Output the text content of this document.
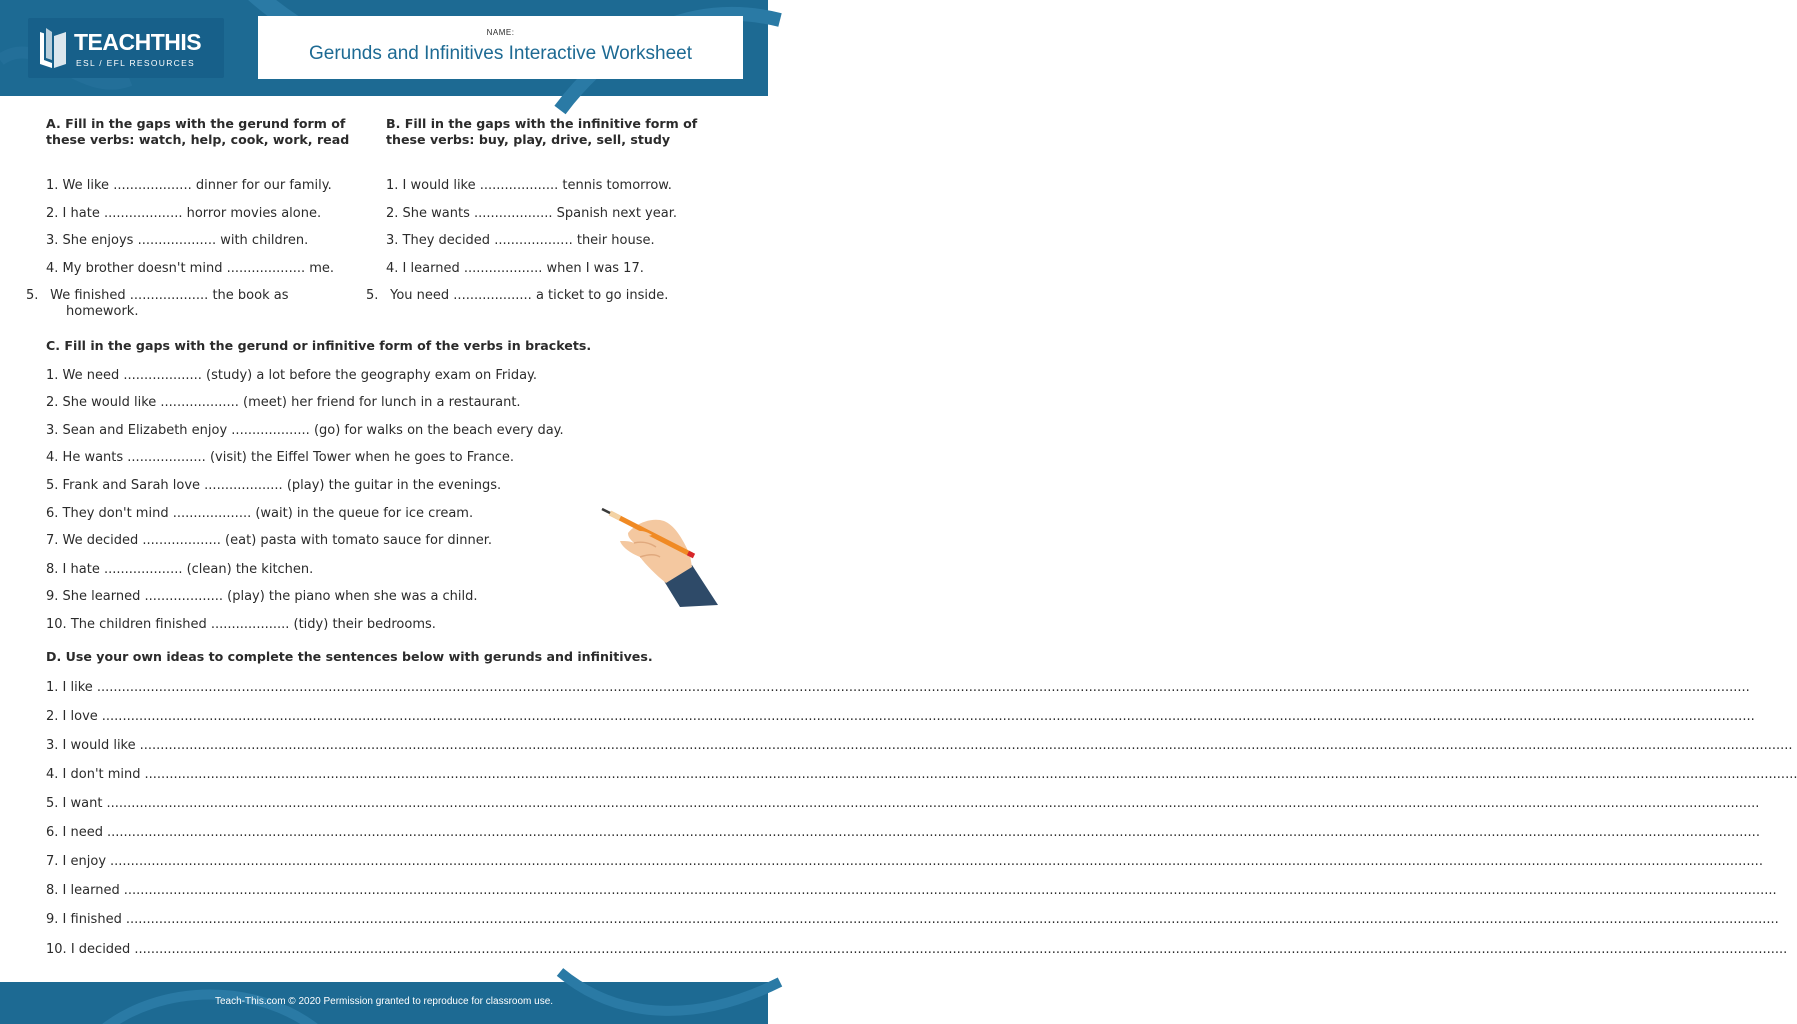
TEACHTHIS
ESL / EFL RESOURCES
NAME:
Gerunds and Infinitives Interactive Worksheet
A. Fill in the gaps with the gerund form of these verbs: watch, help, cook, work, read
1. We like ................... dinner for our family.
2. I hate ................... horror movies alone.
3. She enjoys ................... with children.
4. My brother doesn't mind ................... me.
5. We finished ................... the book as homework.
B. Fill in the gaps with the infinitive form of these verbs: buy, play, drive, sell, study
1. I would like ................... tennis tomorrow.
2. She wants ................... Spanish next year.
3. They decided ................... their house.
4. I learned ................... when I was 17.
5. You need ................... a ticket to go inside.
C. Fill in the gaps with the gerund or infinitive form of the verbs in brackets.
1. We need ................... (study) a lot before the geography exam on Friday.
2. She would like ................... (meet) her friend for lunch in a restaurant.
3. Sean and Elizabeth enjoy ................... (go) for walks on the beach every day.
4. He wants ................... (visit) the Eiffel Tower when he goes to France.
5. Frank and Sarah love ................... (play) the guitar in the evenings.
6. They don't mind ................... (wait) in the queue for ice cream.
7. We decided ................... (eat) pasta with tomato sauce for dinner.
8. I hate ................... (clean) the kitchen.
9. She learned ................... (play) the piano when she was a child.
10. The children finished ................... (tidy) their bedrooms.
D. Use your own ideas to complete the sentences below with gerunds and infinitives.
1. I like ................................................................................................................................................................................................................................................................................................................................................................................................................
2. I love ................................................................................................................................................................................................................................................................................................................................................................................................................
3. I would like ................................................................................................................................................................................................................................................................................................................................................................................................................
4. I don't mind ................................................................................................................................................................................................................................................................................................................................................................................................................
5. I want ................................................................................................................................................................................................................................................................................................................................................................................................................
6. I need ................................................................................................................................................................................................................................................................................................................................................................................................................
7. I enjoy ................................................................................................................................................................................................................................................................................................................................................................................................................
8. I learned ................................................................................................................................................................................................................................................................................................................................................................................................................
9. I finished ................................................................................................................................................................................................................................................................................................................................................................................................................
10. I decided ................................................................................................................................................................................................................................................................................................................................................................................................................
Teach-This.com © 2020 Permission granted to reproduce for classroom use.
